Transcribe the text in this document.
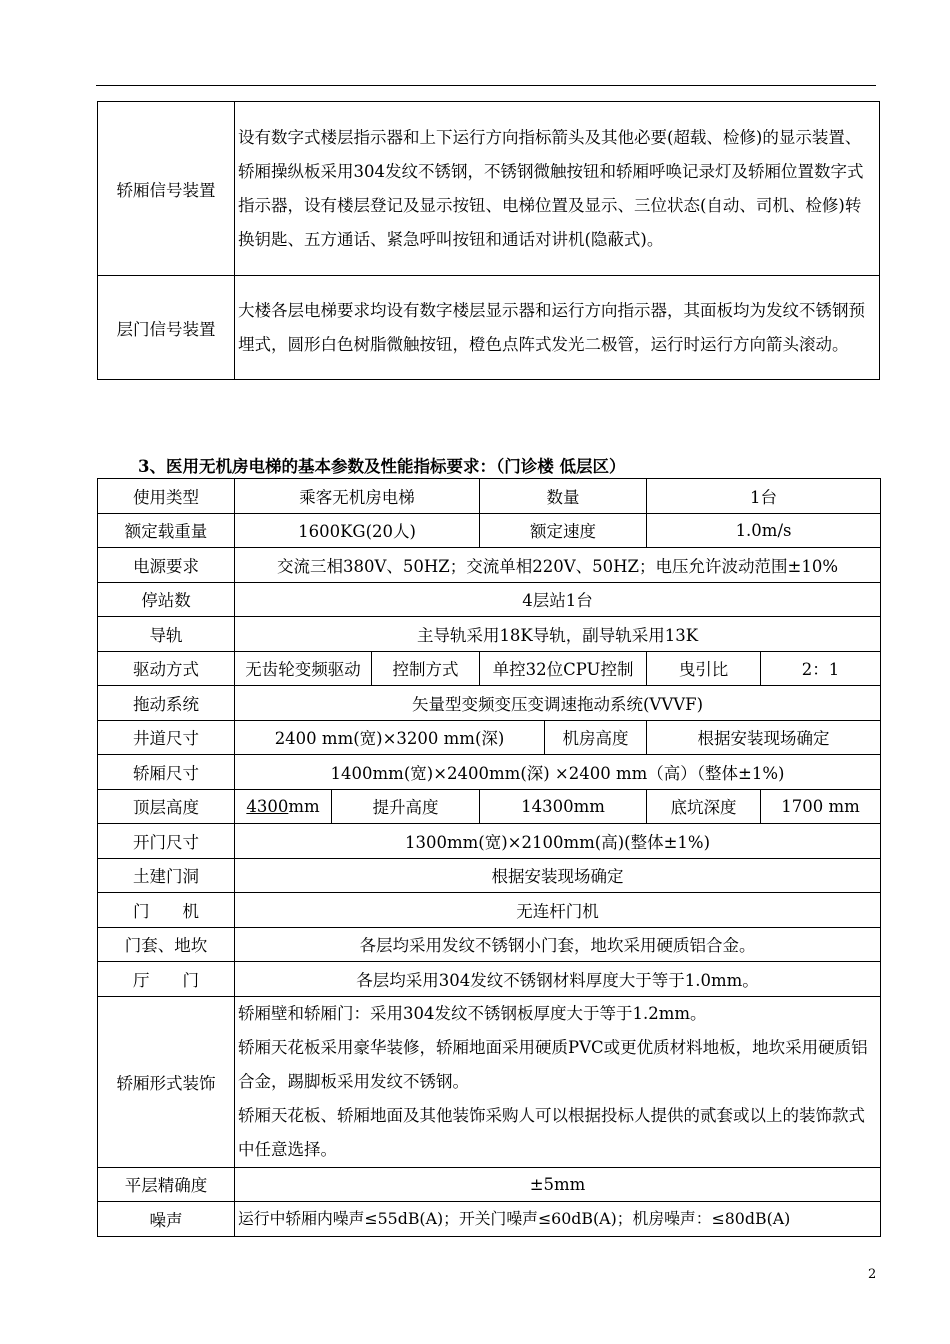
轿厢信号装置	设有数字式楼层指示器和上下运行方向指标箭头及其他必要(超载、检修)的显示装置、轿厢操纵板采用304发纹不锈钢，不锈钢微触按钮和轿厢呼唤记录灯及轿厢位置数字式指示器，设有楼层登记及显示按钮、电梯位置及显示、三位状态(自动、司机、检修)转换钥匙、五方通话、紧急呼叫按钮和通话对讲机(隐蔽式)。
层门信号装置	大楼各层电梯要求均设有数字楼层显示器和运行方向指示器，其面板均为发纹不锈钢预埋式，圆形白色树脂微触按钮，橙色点阵式发光二极管，运行时运行方向箭头滚动。
3、医用无机房电梯的基本参数及性能指标要求：（门诊楼 低层区）
使用类型	乘客无机房电梯			数量		1台	
额定载重量	1600KG(20人)			额定速度		1.0m/s	
电源要求	交流三相380V、50HZ；交流单相220V、50HZ；电压允许波动范围±10%						
停站数	4层站1台						
导轨	主导轨采用18K导轨，副导轨采用13K						
驱动方式	无齿轮变频驱动		控制方式	单控32位CPU控制		曳引比	2：1
拖动系统	矢量型变频变压变调速拖动系统(VVVF)						
井道尺寸	2400 mm(宽)×3200 mm(深)				机房高度	根据安装现场确定	
轿厢尺寸	1400mm(宽)×2400mm(深) ×2400 mm（高）（整体±1%)						
顶层高度	4300mm	提升高度		14300mm		底坑深度	1700 mm
开门尺寸	1300mm(宽)×2100mm(高)(整体±1%)						
土建门洞	根据安装现场确定						
门　　机	无连杆门机						
门套、地坎	各层均采用发纹不锈钢小门套，地坎采用硬质铝合金。						
厅　　门	各层均采用304发纹不锈钢材料厚度大于等于1.0mm。						
轿厢形式装饰	轿厢壁和轿厢门：采用304发纹不锈钢板厚度大于等于1.2mm。
轿厢天花板采用豪华装修，轿厢地面采用硬质PVC或更优质材料地板，地坎采用硬质铝合金，踢脚板采用发纹不锈钢。
轿厢天花板、轿厢地面及其他装饰采购人可以根据投标人提供的贰套或以上的装饰款式中任意选择。						

平层精确度	±5mm						
噪声	运行中轿厢内噪声≤55dB(A)；开关门噪声≤60dB(A)；机房噪声：≤80dB(A)						
2
